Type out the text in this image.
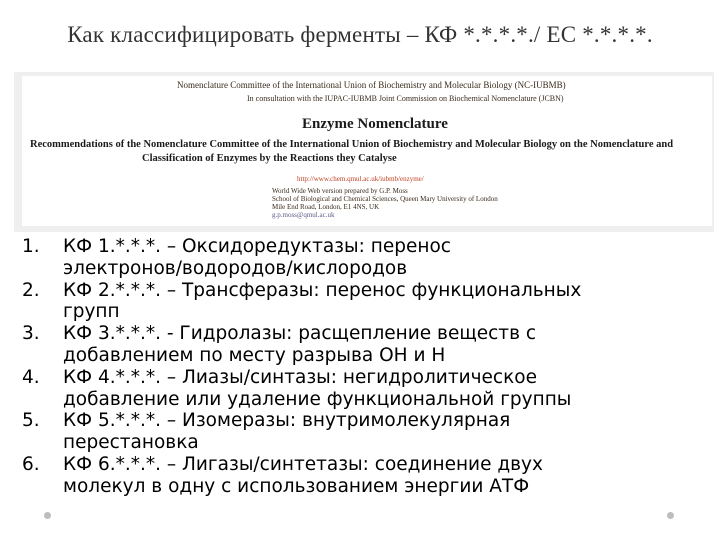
Как классифицировать ферменты – КФ *.*.*.*./ EC *.*.*.*.
Nomenclature Committee of the International Union of Biochemistry and Molecular Biology (NC-IUBMB)
In consultation with the IUPAC-IUBMB Joint Commission on Biochemical Nomenclature (JCBN)
Enzyme Nomenclature
Recommendations of the Nomenclature Committee of the International Union of Biochemistry and Molecular Biology on the Nomenclature and
Classification of Enzymes by the Reactions they Catalyse
http://www.chem.qmul.ac.uk/iubmb/enzyme/
World Wide Web version prepared by G.P. Moss
School of Biological and Chemical Sciences, Queen Mary University of London
Mile End Road, London, E1 4NS, UK
g.p.moss@qmul.ac.uk
1. КФ 1.*.*.*. – Оксидоредуктазы: перенос
электронов/водородов/кислородов
2. КФ 2.*.*.*. – Трансферазы: перенос функциональных
групп
3. КФ 3.*.*.*. - Гидролазы: расщепление веществ с
добавлением по месту разрыва ОН и Н
4. КФ 4.*.*.*. – Лиазы/синтазы: негидролитическое
добавление или удаление функциональной группы
5. КФ 5.*.*.*. – Изомеразы: внутримолекулярная
перестановка
6. КФ 6.*.*.*. – Лигазы/синтетазы: соединение двух
молекул в одну с использованием энергии АТФ
